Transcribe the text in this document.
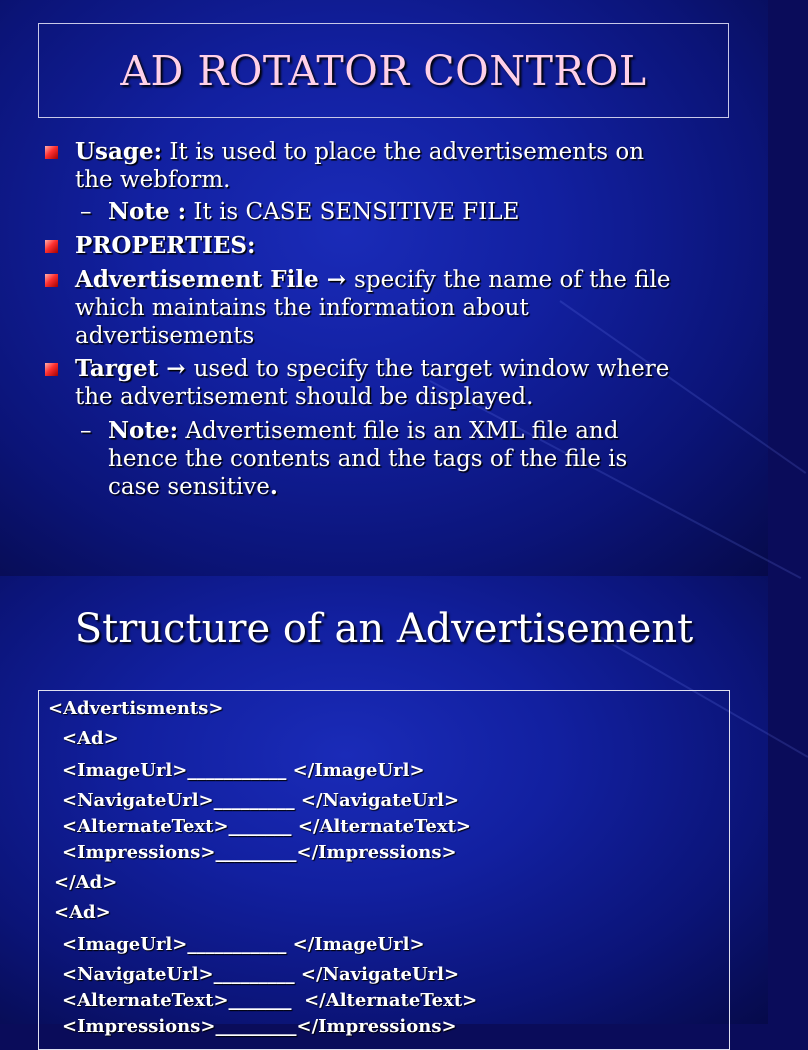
AD ROTATOR CONTROL
Usage: It is used to place the advertisements on
the webform.
– Note : It is CASE SENSITIVE FILE
PROPERTIES:
Advertisement File → specify the name of the file
which maintains the information about
advertisements
Target → used to specify the target window where
the advertisement should be displayed.
– Note: Advertisement file is an XML file and
hence the contents and the tags of the file is
case sensitive.
Structure of an Advertisement
<Advertisments>
<Ad>
<ImageUrl>___________ </ImageUrl>
<NavigateUrl>_________ </NavigateUrl>
<AlternateText>_______ </AlternateText>
<Impressions>_________</Impressions>
</Ad>
<Ad>
<ImageUrl>___________ </ImageUrl>
<NavigateUrl>_________ </NavigateUrl>
<AlternateText>_______  </AlternateText>
<Impressions>_________</Impressions>
